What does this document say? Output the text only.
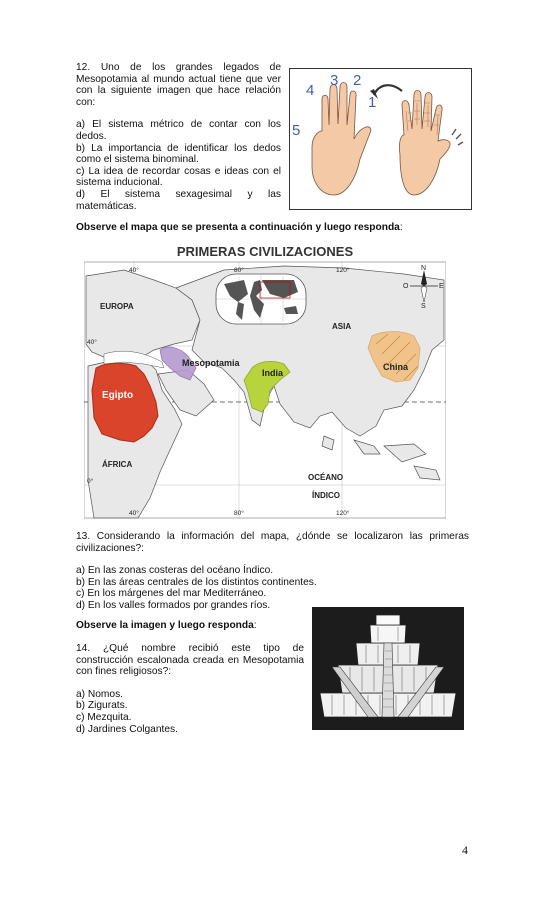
12. Uno de los grandes legados de Mesopotamia al mundo actual tiene que ver con la siguiente imagen que hace relación con:

a) El sistema métrico de contar con los dedos.

b) La importancia de identificar los dedos como el sistema binominal.

c) La idea de recordar cosas e ideas con el sistema inducional.

d) El sistema sexagesimal y las matemáticas.

4
3 2
1
5
Observe el mapa que se presenta a continuación y luego responda:
PRIMERAS CIVILIZACIONES
N
S
E
O
40°	80°	120°
40°	80°	120°
40°
0°
EUROPA
ASIA
ÁFRICA
OCÉANO
ÍNDICO
Egipto
Mesopotamia
India
China

13. Considerando la información del mapa, ¿dónde se localizaron las primeras civilizaciones?:

a) En las zonas costeras del océano Índico.

b) En las áreas centrales de los distintos continentes.

c) En los márgenes del mar Mediterráneo.

d) En los valles formados por grandes ríos.

Observe la imagen y luego responda:

14. ¿Qué nombre recibió este tipo de construcción escalonada creada en Mesopotamia con fines religiosos?:

a) Nomos.

b) Zigurats.

c) Mezquita.

d) Jardines Colgantes.

4
